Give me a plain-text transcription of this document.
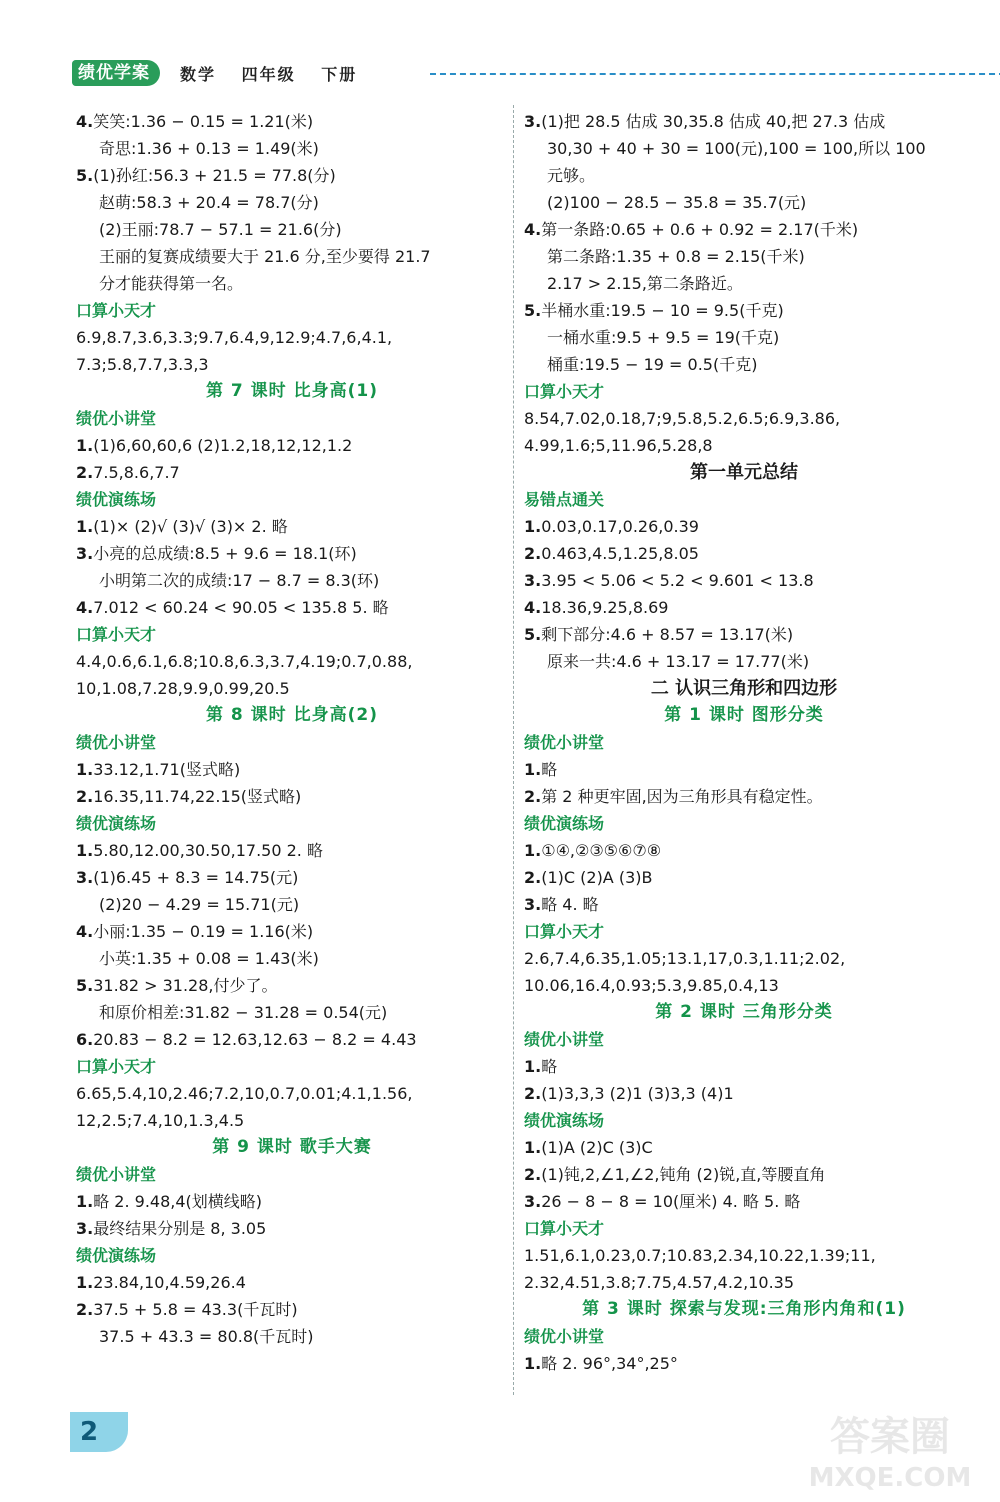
绩优学案	数学 四年级 下册
4.笑笑:1.36 − 0.15 = 1.21(米)
奇思:1.36 + 0.13 = 1.49(米)
5.(1)孙红:56.3 + 21.5 = 77.8(分)
赵萌:58.3 + 20.4 = 78.7(分)
(2)王丽:78.7 − 57.1 = 21.6(分)
王丽的复赛成绩要大于 21.6 分,至少要得 21.7
分才能获得第一名。
口算小天才
6.9,8.7,3.6,3.3;9.7,6.4,9,12.9;4.7,6,4.1,
7.3;5.8,7.7,3.3,3
第 7 课时 比身高(1)
绩优小讲堂
1.(1)6,60,60,6 (2)1.2,18,12,12,1.2
2.7.5,8.6,7.7
绩优演练场
1.(1)× (2)√ (3)√ (3)× 2. 略
3.小亮的总成绩:8.5 + 9.6 = 18.1(环)
小明第二次的成绩:17 − 8.7 = 8.3(环)
4.7.012 < 60.24 < 90.05 < 135.8 5. 略
口算小天才
4.4,0.6,6.1,6.8;10.8,6.3,3.7,4.19;0.7,0.88,
10,1.08,7.28,9.9,0.99,20.5
第 8 课时 比身高(2)
绩优小讲堂
1.33.12,1.71(竖式略)
2.16.35,11.74,22.15(竖式略)
绩优演练场
1.5.80,12.00,30.50,17.50 2. 略
3.(1)6.45 + 8.3 = 14.75(元)
(2)20 − 4.29 = 15.71(元)
4.小丽:1.35 − 0.19 = 1.16(米)
小英:1.35 + 0.08 = 1.43(米)
5.31.82 > 31.28,付少了。
和原价相差:31.82 − 31.28 = 0.54(元)
6.20.83 − 8.2 = 12.63,12.63 − 8.2 = 4.43
口算小天才
6.65,5.4,10,2.46;7.2,10,0.7,0.01;4.1,1.56,
12,2.5;7.4,10,1.3,4.5
第 9 课时 歌手大赛
绩优小讲堂
1.略 2. 9.48,4(划横线略)
3.最终结果分别是 8, 3.05
绩优演练场
1.23.84,10,4.59,26.4
2.37.5 + 5.8 = 43.3(千瓦时)
37.5 + 43.3 = 80.8(千瓦时)
3.(1)把 28.5 估成 30,35.8 估成 40,把 27.3 估成
30,30 + 40 + 30 = 100(元),100 = 100,所以 100
元够。
(2)100 − 28.5 − 35.8 = 35.7(元)
4.第一条路:0.65 + 0.6 + 0.92 = 2.17(千米)
第二条路:1.35 + 0.8 = 2.15(千米)
2.17 > 2.15,第二条路近。
5.半桶水重:19.5 − 10 = 9.5(千克)
一桶水重:9.5 + 9.5 = 19(千克)
桶重:19.5 − 19 = 0.5(千克)
口算小天才
8.54,7.02,0.18,7;9,5.8,5.2,6.5;6.9,3.86,
4.99,1.6;5,11.96,5.28,8
第一单元总结
易错点通关
1.0.03,0.17,0.26,0.39
2.0.463,4.5,1.25,8.05
3.3.95 < 5.06 < 5.2 < 9.601 < 13.8
4.18.36,9.25,8.69
5.剩下部分:4.6 + 8.57 = 13.17(米)
原来一共:4.6 + 13.17 = 17.77(米)
二 认识三角形和四边形
第 1 课时 图形分类
绩优小讲堂
1.略
2.第 2 种更牢固,因为三角形具有稳定性。
绩优演练场
1.①④,②③⑤⑥⑦⑧
2.(1)C (2)A (3)B
3.略 4. 略
口算小天才
2.6,7.4,6.35,1.05;13.1,17,0.3,1.11;2.02,
10.06,16.4,0.93;5.3,9.85,0.4,13
第 2 课时 三角形分类
绩优小讲堂
1.略
2.(1)3,3,3 (2)1 (3)3,3 (4)1
绩优演练场
1.(1)A (2)C (3)C
2.(1)钝,2,∠1,∠2,钝角 (2)锐,直,等腰直角
3.26 − 8 − 8 = 10(厘米) 4. 略 5. 略
口算小天才
1.51,6.1,0.23,0.7;10.83,2.34,10.22,1.39;11,
2.32,4.51,3.8;7.75,4.57,4.2,10.35
第 3 课时 探索与发现:三角形内角和(1)
绩优小讲堂
1.略 2. 96°,34°,25°
2	答案圈
MXQE.COM
